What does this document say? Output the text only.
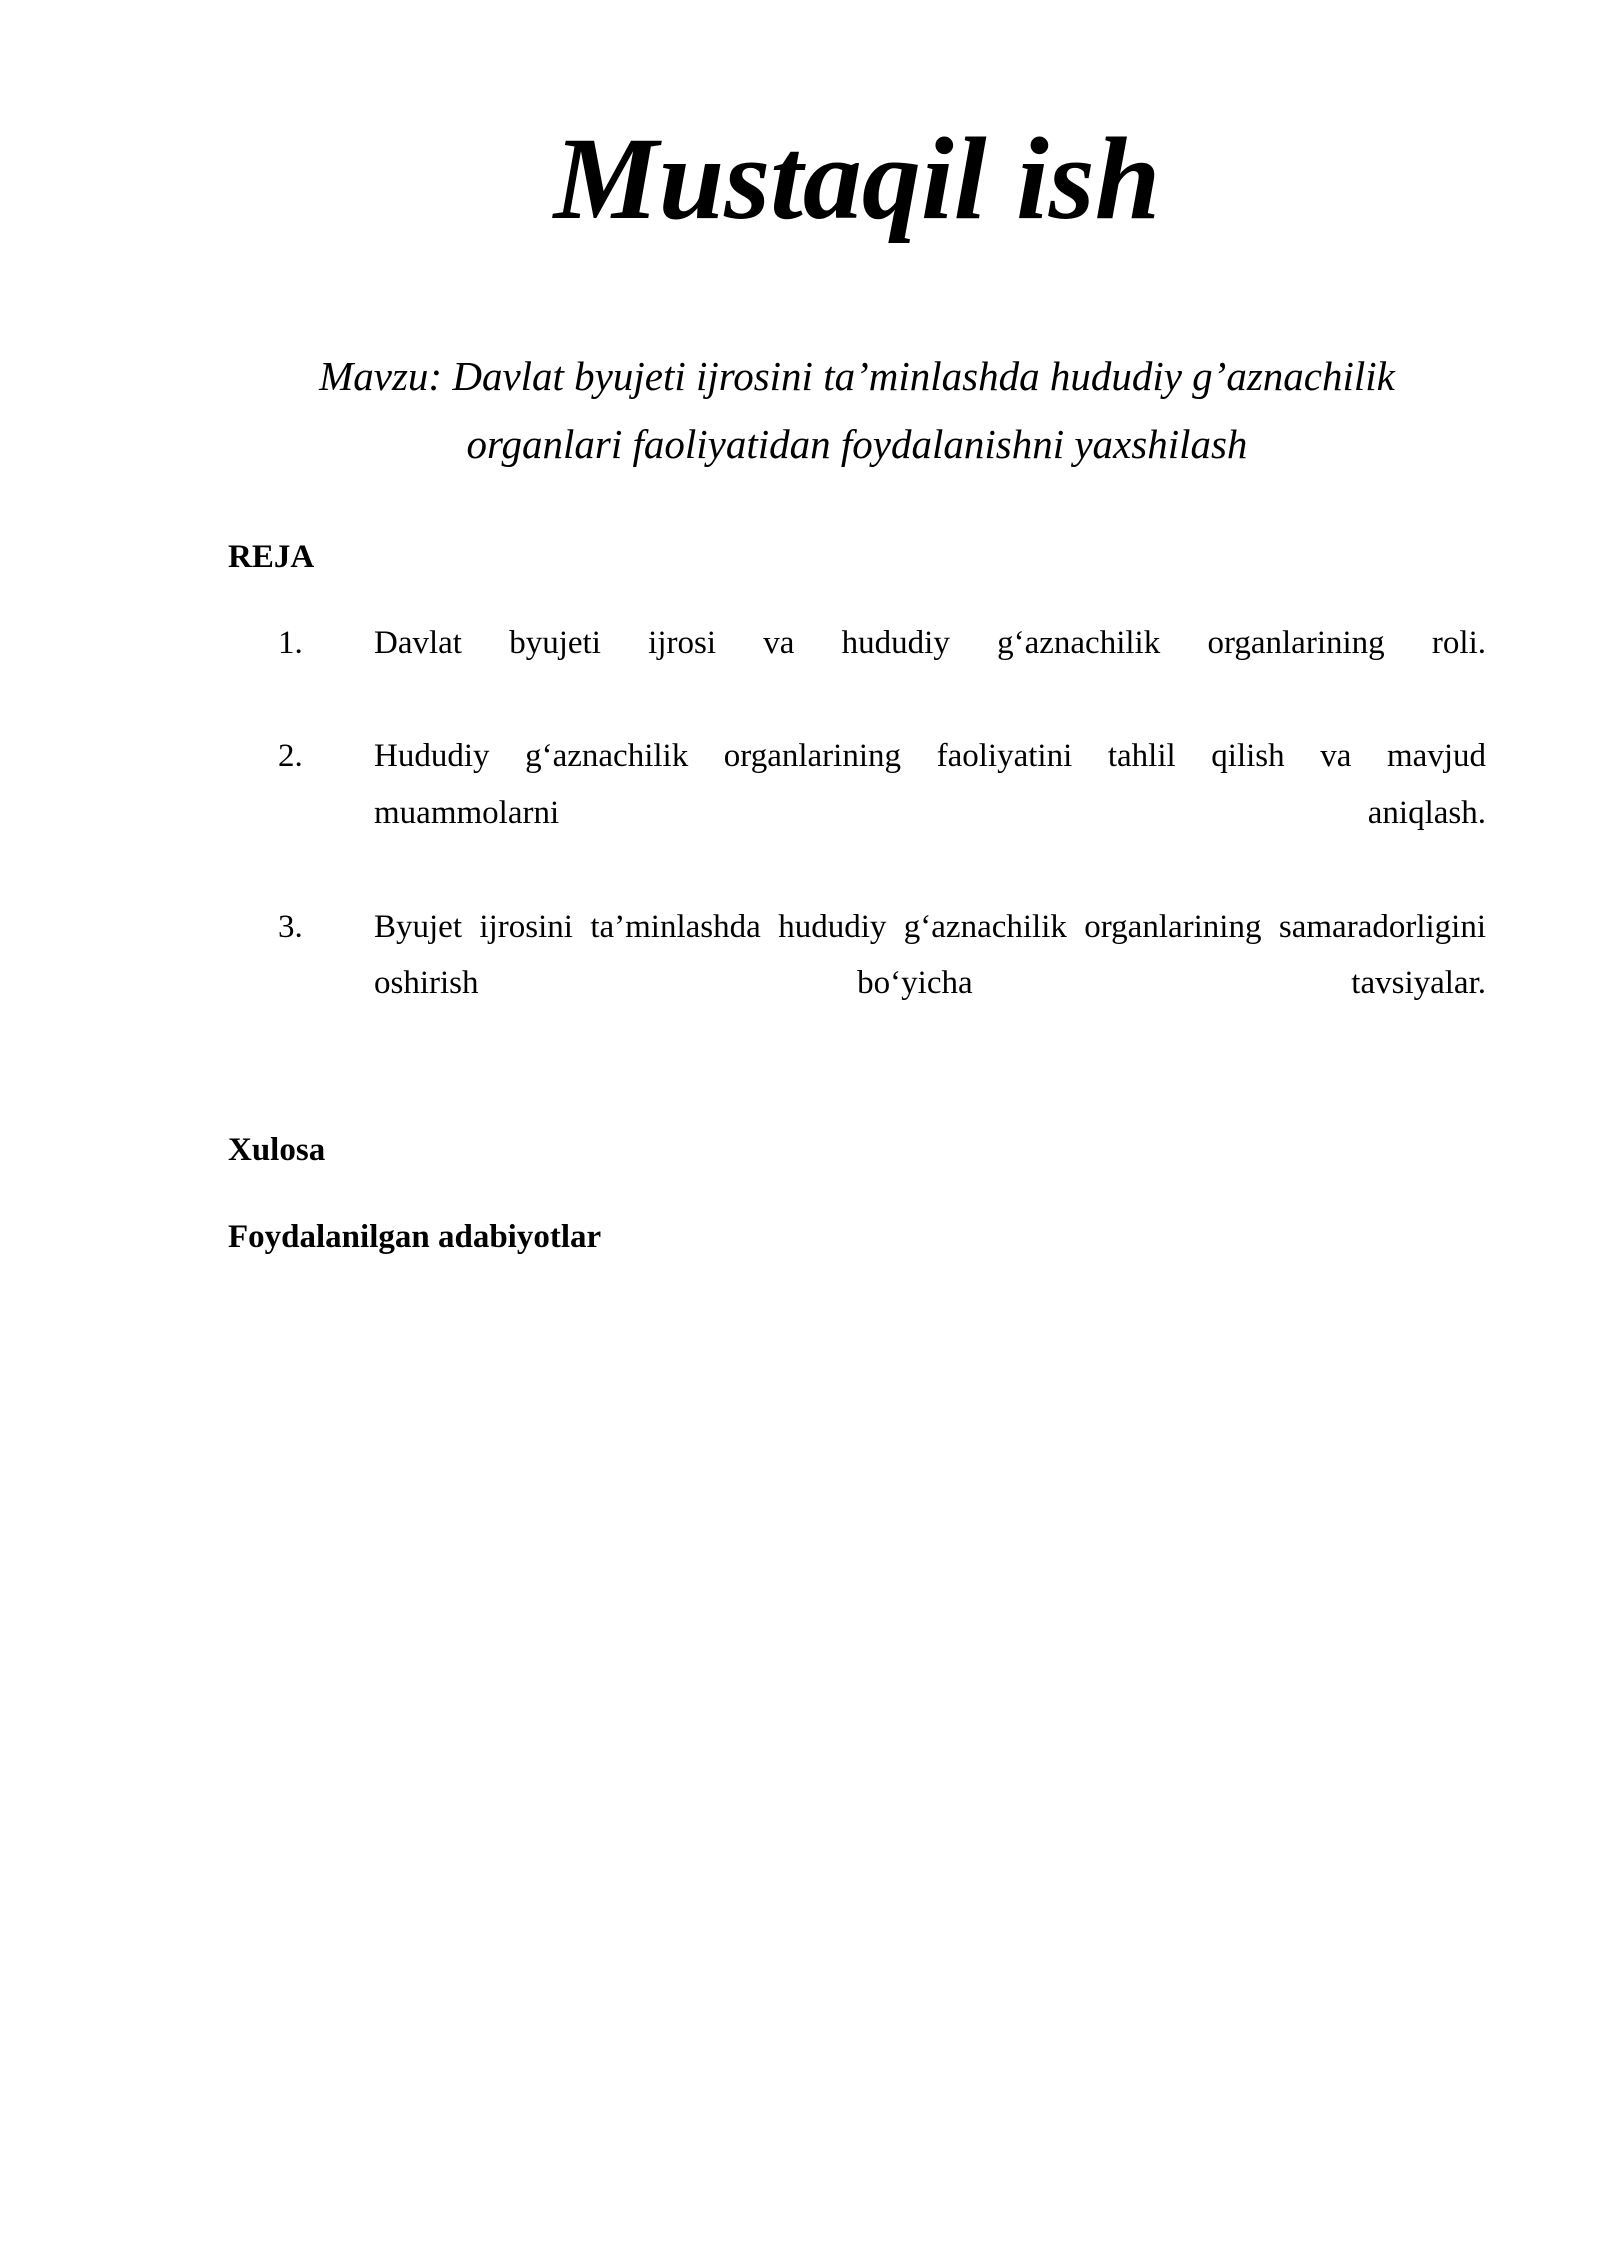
Mustaqil ish

Mavzu: Davlat byujeti ijrosini ta’minlashda hududiy g’aznachilik organlari faoliyatidan foydalanishni yaxshilash

REJA

1.	Davlat byujeti ijrosi va hududiy g‘aznachilik organlarining roli.
2.	Hududiy g‘aznachilik organlarining faoliyatini tahlil qilish va mavjud muammolarni aniqlash.
3.	Byujet ijrosini ta’minlashda hududiy g‘aznachilik organlarining samaradorligini oshirish bo‘yicha tavsiyalar.

Xulosa

Foydalanilgan adabiyotlar
